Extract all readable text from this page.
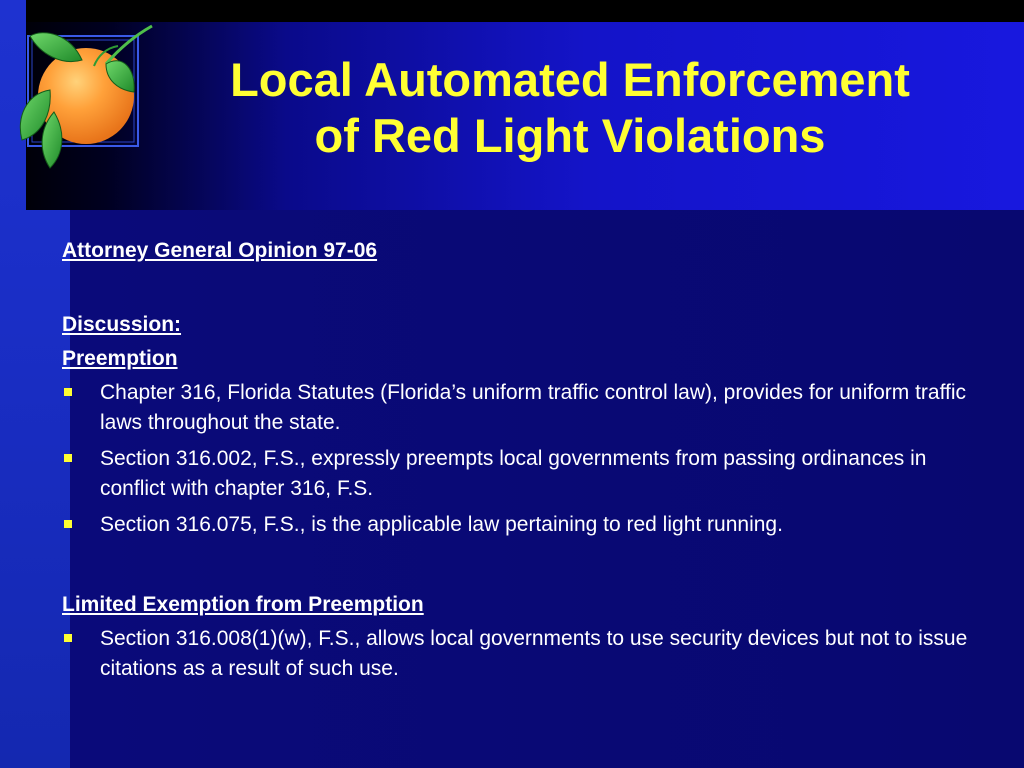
Local Automated Enforcement
of Red Light Violations

Attorney General Opinion 97-06

Discussion:

Preemption

Chapter 316, Florida Statutes (Florida’s uniform traffic control law), provides for uniform traffic laws throughout the state.
Section 316.002, F.S., expressly preempts local governments from passing ordinances in conflict with chapter 316, F.S.
Section 316.075, F.S., is the applicable law pertaining to red light running.

Limited Exemption from Preemption

Section 316.008(1)(w), F.S., allows local governments to use security devices but not to issue citations as a result of such use.
